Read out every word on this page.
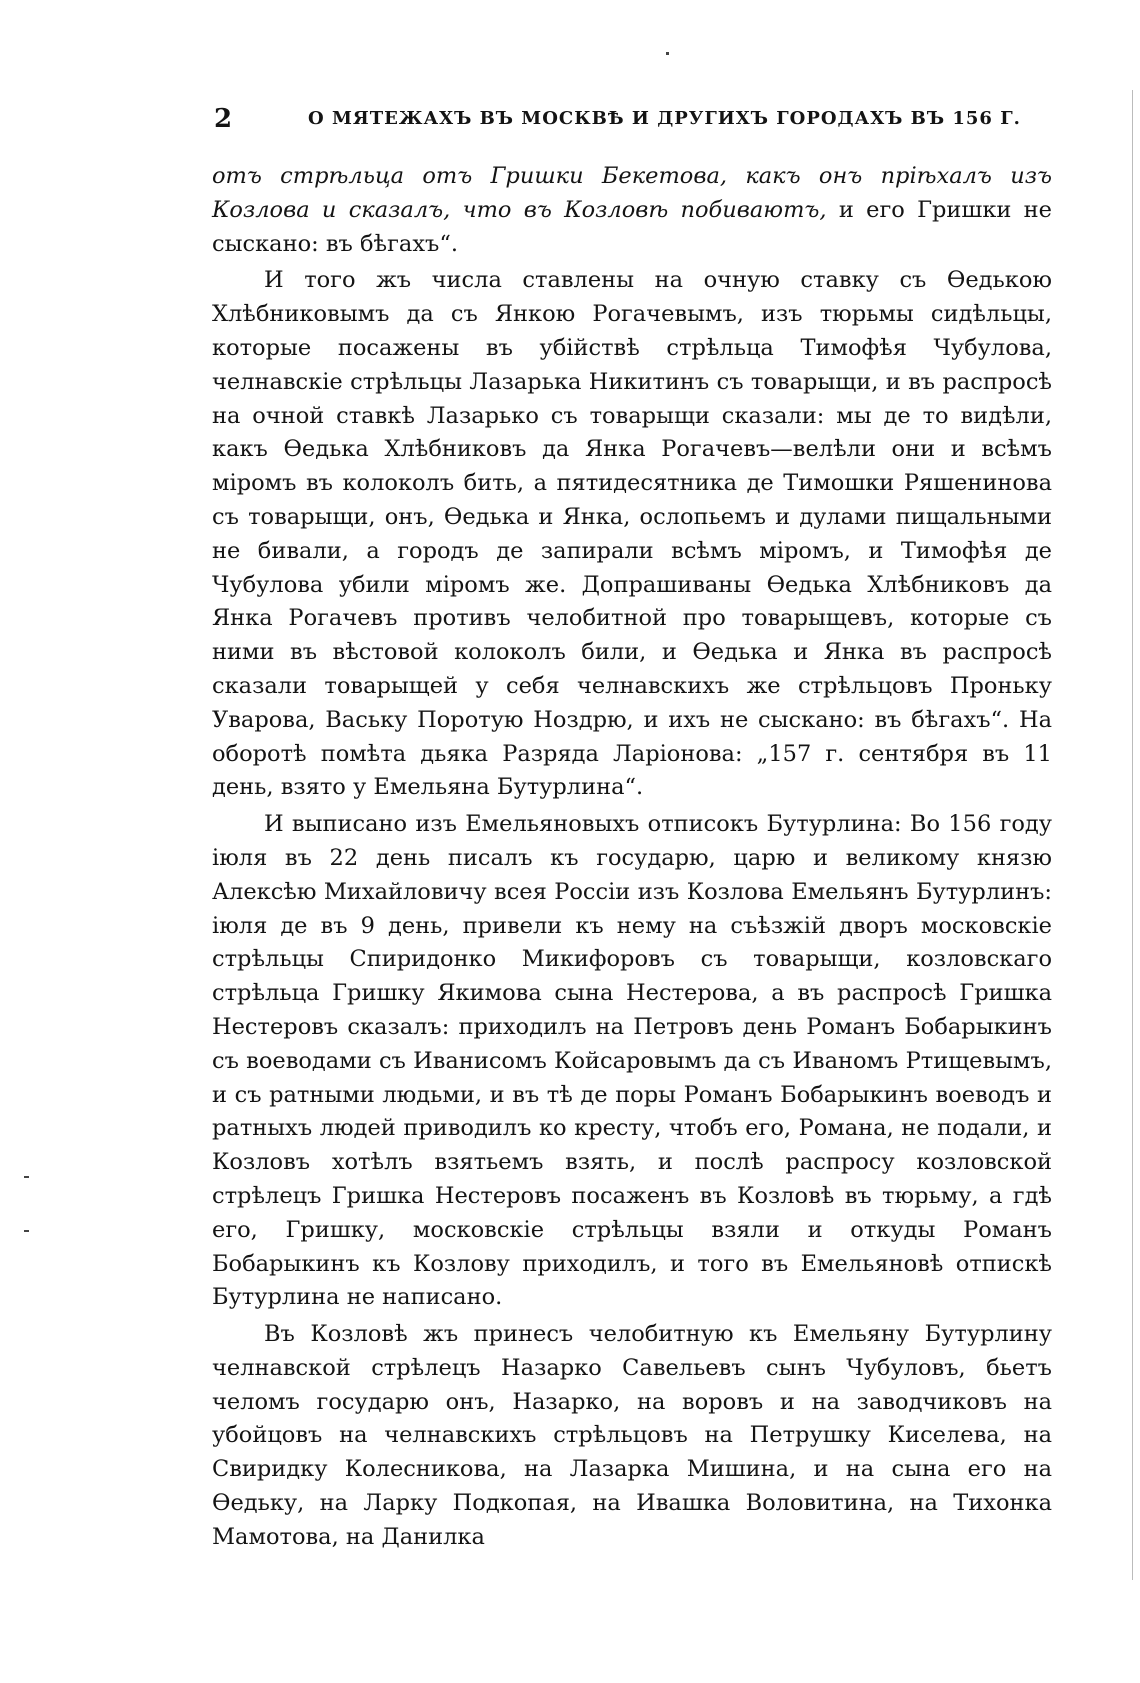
2	О МЯТЕЖАХЪ ВЪ МОСКВѢ И ДРУГИХЪ ГОРОДАХЪ ВЪ 156 Г.

отъ стрѣльца отъ Гришки Бекетова, какъ онъ пріѣхалъ изъ Козлова и сказалъ, что въ Козловѣ побиваютъ, и его Гришки не сыскано: въ бѣгахъ“.

И того жъ числа ставлены на очную ставку съ Ѳедькою Хлѣбниковымъ да съ Янкою Рогачевымъ, изъ тюрьмы сидѣльцы, которые посажены въ убійствѣ стрѣльца Тимофѣя Чубулова, челнавскіе стрѣльцы Лазарька Никитинъ съ товарыщи, и въ распросѣ на очной ставкѣ Лазарько съ товарыщи сказали: мы де то видѣли, какъ Ѳедька Хлѣбниковъ да Янка Рогачевъ—велѣли они и всѣмъ міромъ въ колоколъ бить, а пятидесятника де Тимошки Ряшенинова съ товарыщи, онъ, Ѳедька и Янка, ослопьемъ и дулами пищальными не бивали, а городъ де запирали всѣмъ міромъ, и Тимофѣя де Чубулова убили міромъ же. Допрашиваны Ѳедька Хлѣбниковъ да Янка Рогачевъ противъ челобитной про товарыщевъ, которые съ ними въ вѣстовой колоколъ били, и Ѳедька и Янка въ распросѣ сказали товарыщей у себя челнавскихъ же стрѣльцовъ Проньку Уварова, Ваську Поротую Ноздрю, и ихъ не сыскано: въ бѣгахъ“. На оборотѣ помѣта дьяка Разряда Ларіонова: „157 г. сентября въ 11 день, взято у Емельяна Бутурлина“.

И выписано изъ Емельяновыхъ отписокъ Бутурлина: Во 156 году іюля въ 22 день писалъ къ государю, царю и великому князю Алексѣю Михайловичу всея Россіи изъ Козлова Емельянъ Бутурлинъ: іюля де въ 9 день, привели къ нему на съѣзжій дворъ московскіе стрѣльцы Спиридонко Микифоровъ съ товарыщи, козловскаго стрѣльца Гришку Якимова сына Нестерова, а въ распросѣ Гришка Нестеровъ сказалъ: приходилъ на Петровъ день Романъ Бобарыкинъ съ воеводами съ Иванисомъ Койсаровымъ да съ Иваномъ Ртищевымъ, и съ ратными людьми, и въ тѣ де поры Романъ Бобарыкинъ воеводъ и ратныхъ людей приводилъ ко кресту, чтобъ его, Романа, не подали, и Козловъ хотѣлъ взятьемъ взять, и послѣ распросу козловской стрѣлецъ Гришка Нестеровъ посаженъ въ Козловѣ въ тюрьму, а гдѣ его, Гришку, московскіе стрѣльцы взяли и откуды Романъ Бобарыкинъ къ Козлову приходилъ, и того въ Емельяновѣ отпискѣ Бутурлина не написано.

Въ Козловѣ жъ принесъ челобитную къ Емельяну Бутурлину челнавской стрѣлецъ Назарко Савельевъ сынъ Чубуловъ, бьетъ челомъ государю онъ, Назарко, на воровъ и на заводчиковъ на убойцовъ на челнавскихъ стрѣльцовъ на Петрушку Киселева, на Свиридку Колесникова, на Лазарка Мишина, и на сына его на Ѳедьку, на Ларку Подкопая, на Ивашка Воловитина, на Тихонка Мамотова, на Данилка
